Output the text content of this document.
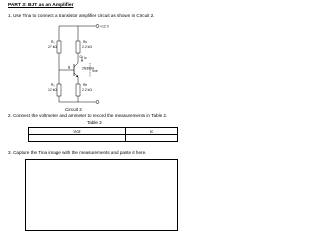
PART 3: BJT as an Amplifier
1. Use Tina to connect a transistor amplifier circuit as shown in Circuit 2.
+12 V
R₁
27 kΩ
Rᴄ
2.2 kΩ
C Iᴄ
B	2N3904
Vᴄᴇ
R₂
12 kΩ
Rᴇ
2.2 kΩ
Circuit 2
2. Connect the voltmeter and ammeter to record the measurements in Table 2.
Table 2
Vᴄᴇ	Iᴄ

3. Capture the Tina image with the measurements and paste it here.
